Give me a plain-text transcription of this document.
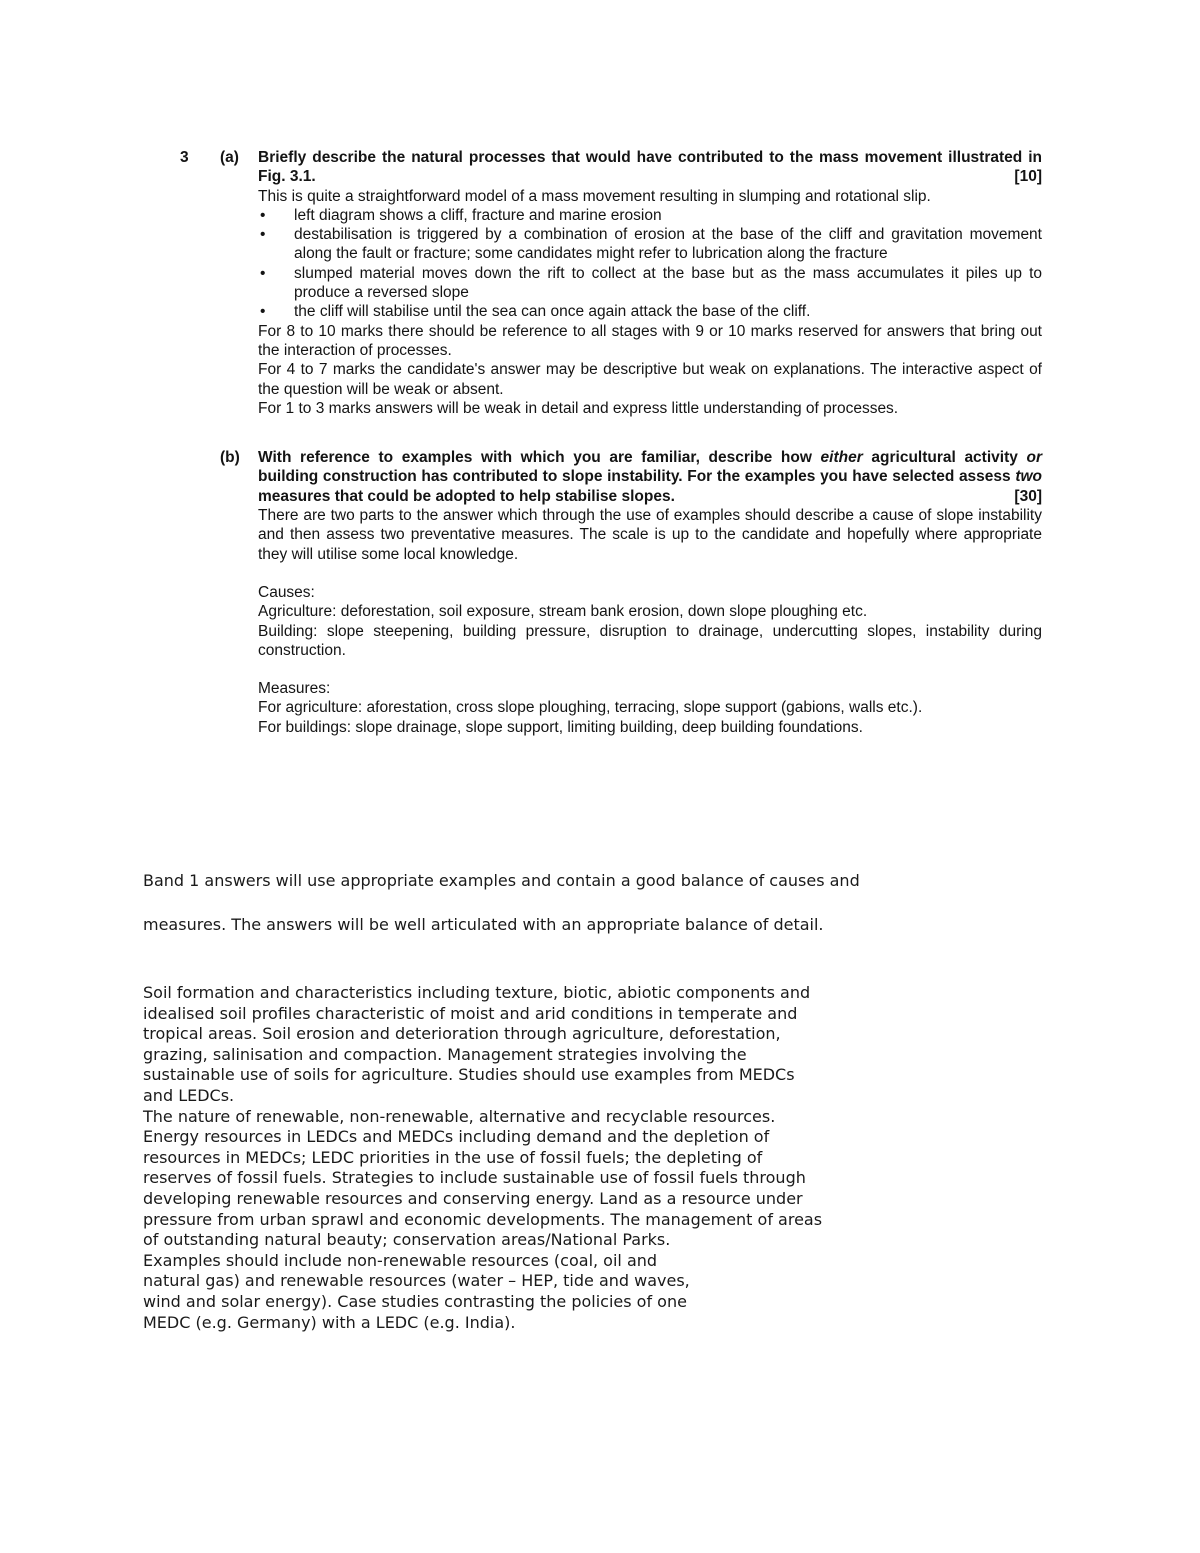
3	(a)	Briefly describe the natural processes that would have contributed to the mass movement illustrated in Fig. 3.1.	[10]
This is quite a straightforward model of a mass movement resulting in slumping and rotational slip.
• left diagram shows a cliff, fracture and marine erosion
• destabilisation is triggered by a combination of erosion at the base of the cliff and gravitation movement along the fault or fracture; some candidates might refer to lubrication along the fracture
• slumped material moves down the rift to collect at the base but as the mass accumulates it piles up to produce a reversed slope
• the cliff will stabilise until the sea can once again attack the base of the cliff.
For 8 to 10 marks there should be reference to all stages with 9 or 10 marks reserved for answers that bring out the interaction of processes.
For 4 to 7 marks the candidate's answer may be descriptive but weak on explanations. The interactive aspect of the question will be weak or absent.
For 1 to 3 marks answers will be weak in detail and express little understanding of processes.
(b)	With reference to examples with which you are familiar, describe how either agricultural activity or building construction has contributed to slope instability. For the examples you have selected assess two measures that could be adopted to help stabilise slopes.	[30]
There are two parts to the answer which through the use of examples should describe a cause of slope instability and then assess two preventative measures. The scale is up to the candidate and hopefully where appropriate they will utilise some local knowledge.
Causes:
Agriculture: deforestation, soil exposure, stream bank erosion, down slope ploughing etc.
Building: slope steepening, building pressure, disruption to drainage, undercutting slopes, instability during construction.
Measures:
For agriculture: aforestation, cross slope ploughing, terracing, slope support (gabions, walls etc.).
For buildings: slope drainage, slope support, limiting building, deep building foundations.
Band 1 answers will use appropriate examples and contain a good balance of causes and
measures. The answers will be well articulated with an appropriate balance of detail.
Soil formation and characteristics including texture, biotic, abiotic components and
idealised soil profiles characteristic of moist and arid conditions in temperate and
tropical areas. Soil erosion and deterioration through agriculture, deforestation,
grazing, salinisation and compaction. Management strategies involving the
sustainable use of soils for agriculture. Studies should use examples from MEDCs
and LEDCs.
The nature of renewable, non-renewable, alternative and recyclable resources.
Energy resources in LEDCs and MEDCs including demand and the depletion of
resources in MEDCs; LEDC priorities in the use of fossil fuels; the depleting of
reserves of fossil fuels. Strategies to include sustainable use of fossil fuels through
developing renewable resources and conserving energy. Land as a resource under
pressure from urban sprawl and economic developments. The management of areas
of outstanding natural beauty; conservation areas/National Parks.
Examples should include non-renewable resources (coal, oil and
natural gas) and renewable resources (water – HEP, tide and waves,
wind and solar energy). Case studies contrasting the policies of one
MEDC (e.g. Germany) with a LEDC (e.g. India).
